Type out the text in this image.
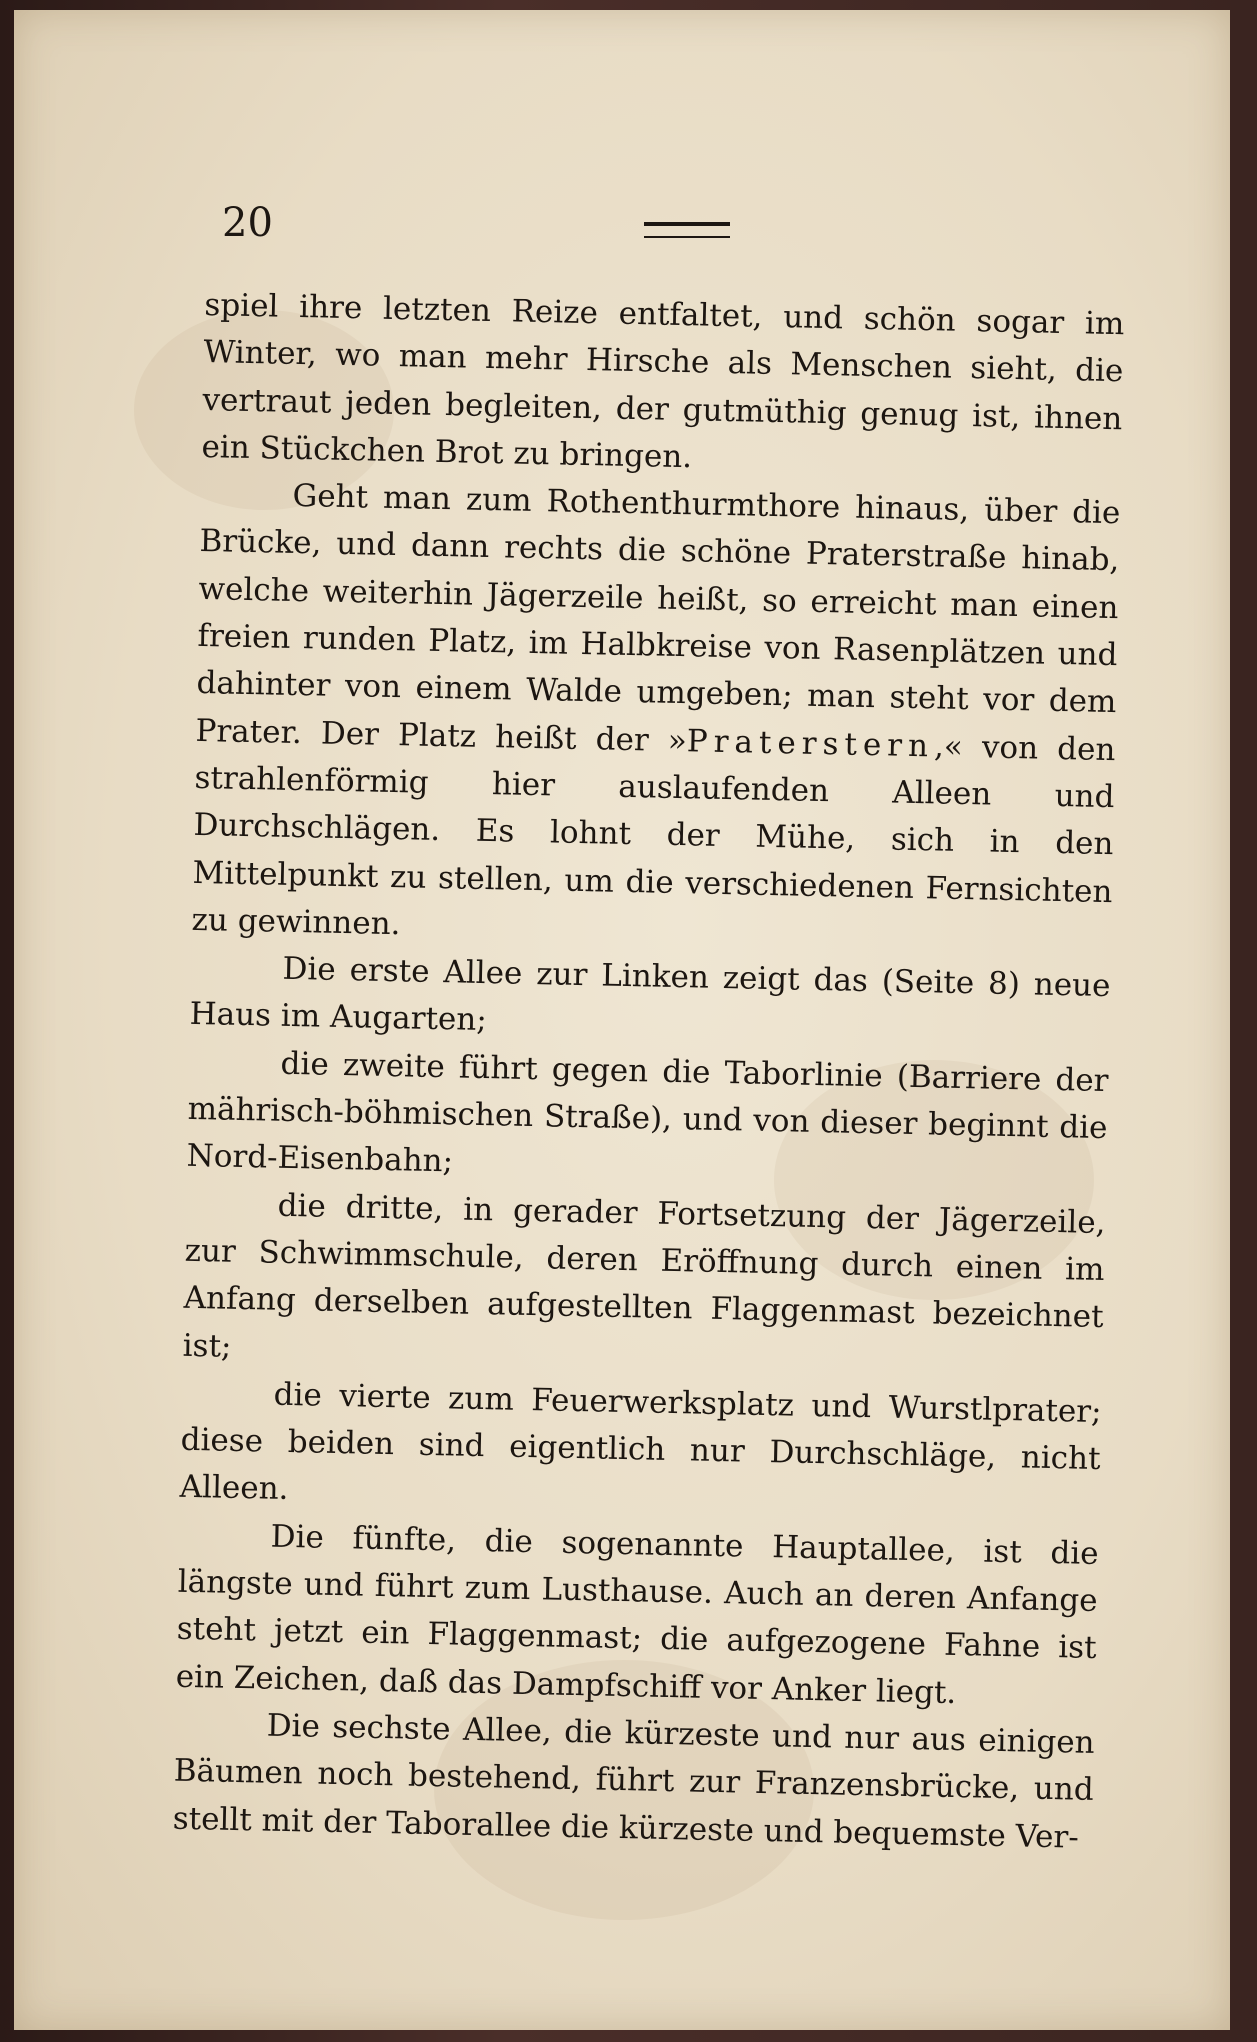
20

spiel ihre letzten Reize entfaltet, und schön sogar im Winter, wo man mehr Hirsche als Menschen sieht, die vertraut jeden begleiten, der gutmüthig genug ist, ihnen ein Stückchen Brot zu bringen.

Geht man zum Rothenthurmthore hinaus, über die Brücke, und dann rechts die schöne Praterstraße hinab, welche weiterhin Jägerzeile heißt, so erreicht man einen freien runden Platz, im Halbkreise von Rasenplätzen und dahinter von einem Walde umgeben; man steht vor dem Prater. Der Platz heißt der »Praterstern,« von den strahlenförmig hier auslaufenden Alleen und Durchschlägen. Es lohnt der Mühe, sich in den Mittelpunkt zu stellen, um die verschiedenen Fernsichten zu gewinnen.

Die erste Allee zur Linken zeigt das (Seite 8) neue Haus im Augarten;

die zweite führt gegen die Taborlinie (Barriere der mährisch-böhmischen Straße), und von dieser beginnt die Nord-Eisenbahn;

die dritte, in gerader Fortsetzung der Jägerzeile, zur Schwimmschule, deren Eröffnung durch einen im Anfang derselben aufgestellten Flaggenmast bezeichnet ist;

die vierte zum Feuerwerksplatz und Wurstlprater; diese beiden sind eigentlich nur Durchschläge, nicht Alleen.

Die fünfte, die sogenannte Hauptallee, ist die längste und führt zum Lusthause. Auch an deren Anfange steht jetzt ein Flaggenmast; die aufgezogene Fahne ist ein Zeichen, daß das Dampfschiff vor Anker liegt.

Die sechste Allee, die kürzeste und nur aus einigen Bäumen noch bestehend, führt zur Franzensbrücke, und stellt mit der Taborallee die kürzeste und bequemste Ver-
